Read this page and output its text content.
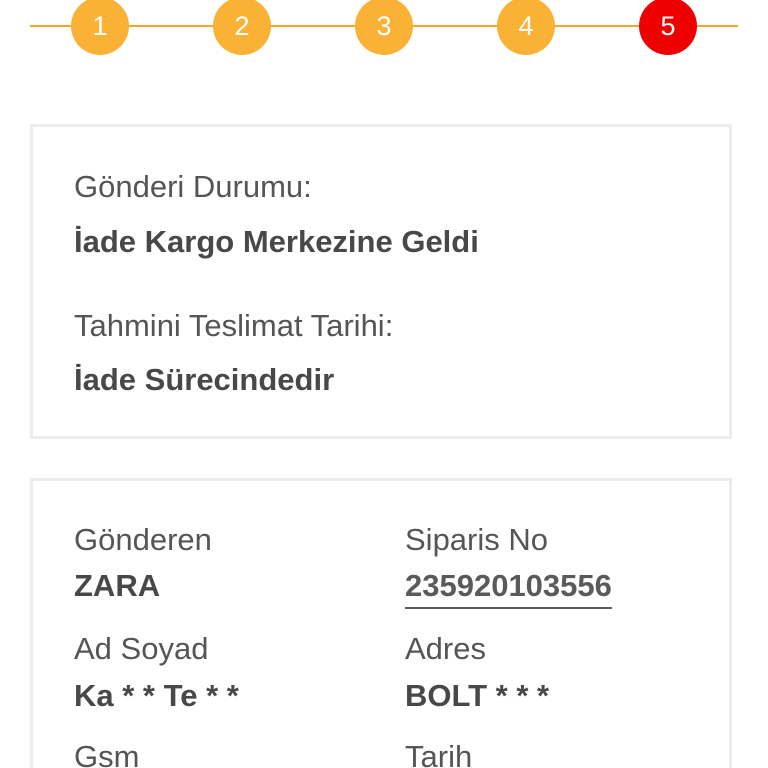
1	2	3	4	5
Gönderi Durumu:
İade Kargo Merkezine Geldi
Tahmini Teslimat Tarihi:
İade Sürecindedir
Gönderen
ZARA
Siparis No
235920103556
Ad Soyad
Ka * * Te * *
Adres
BOLT * * *
Gsm	Tarih
